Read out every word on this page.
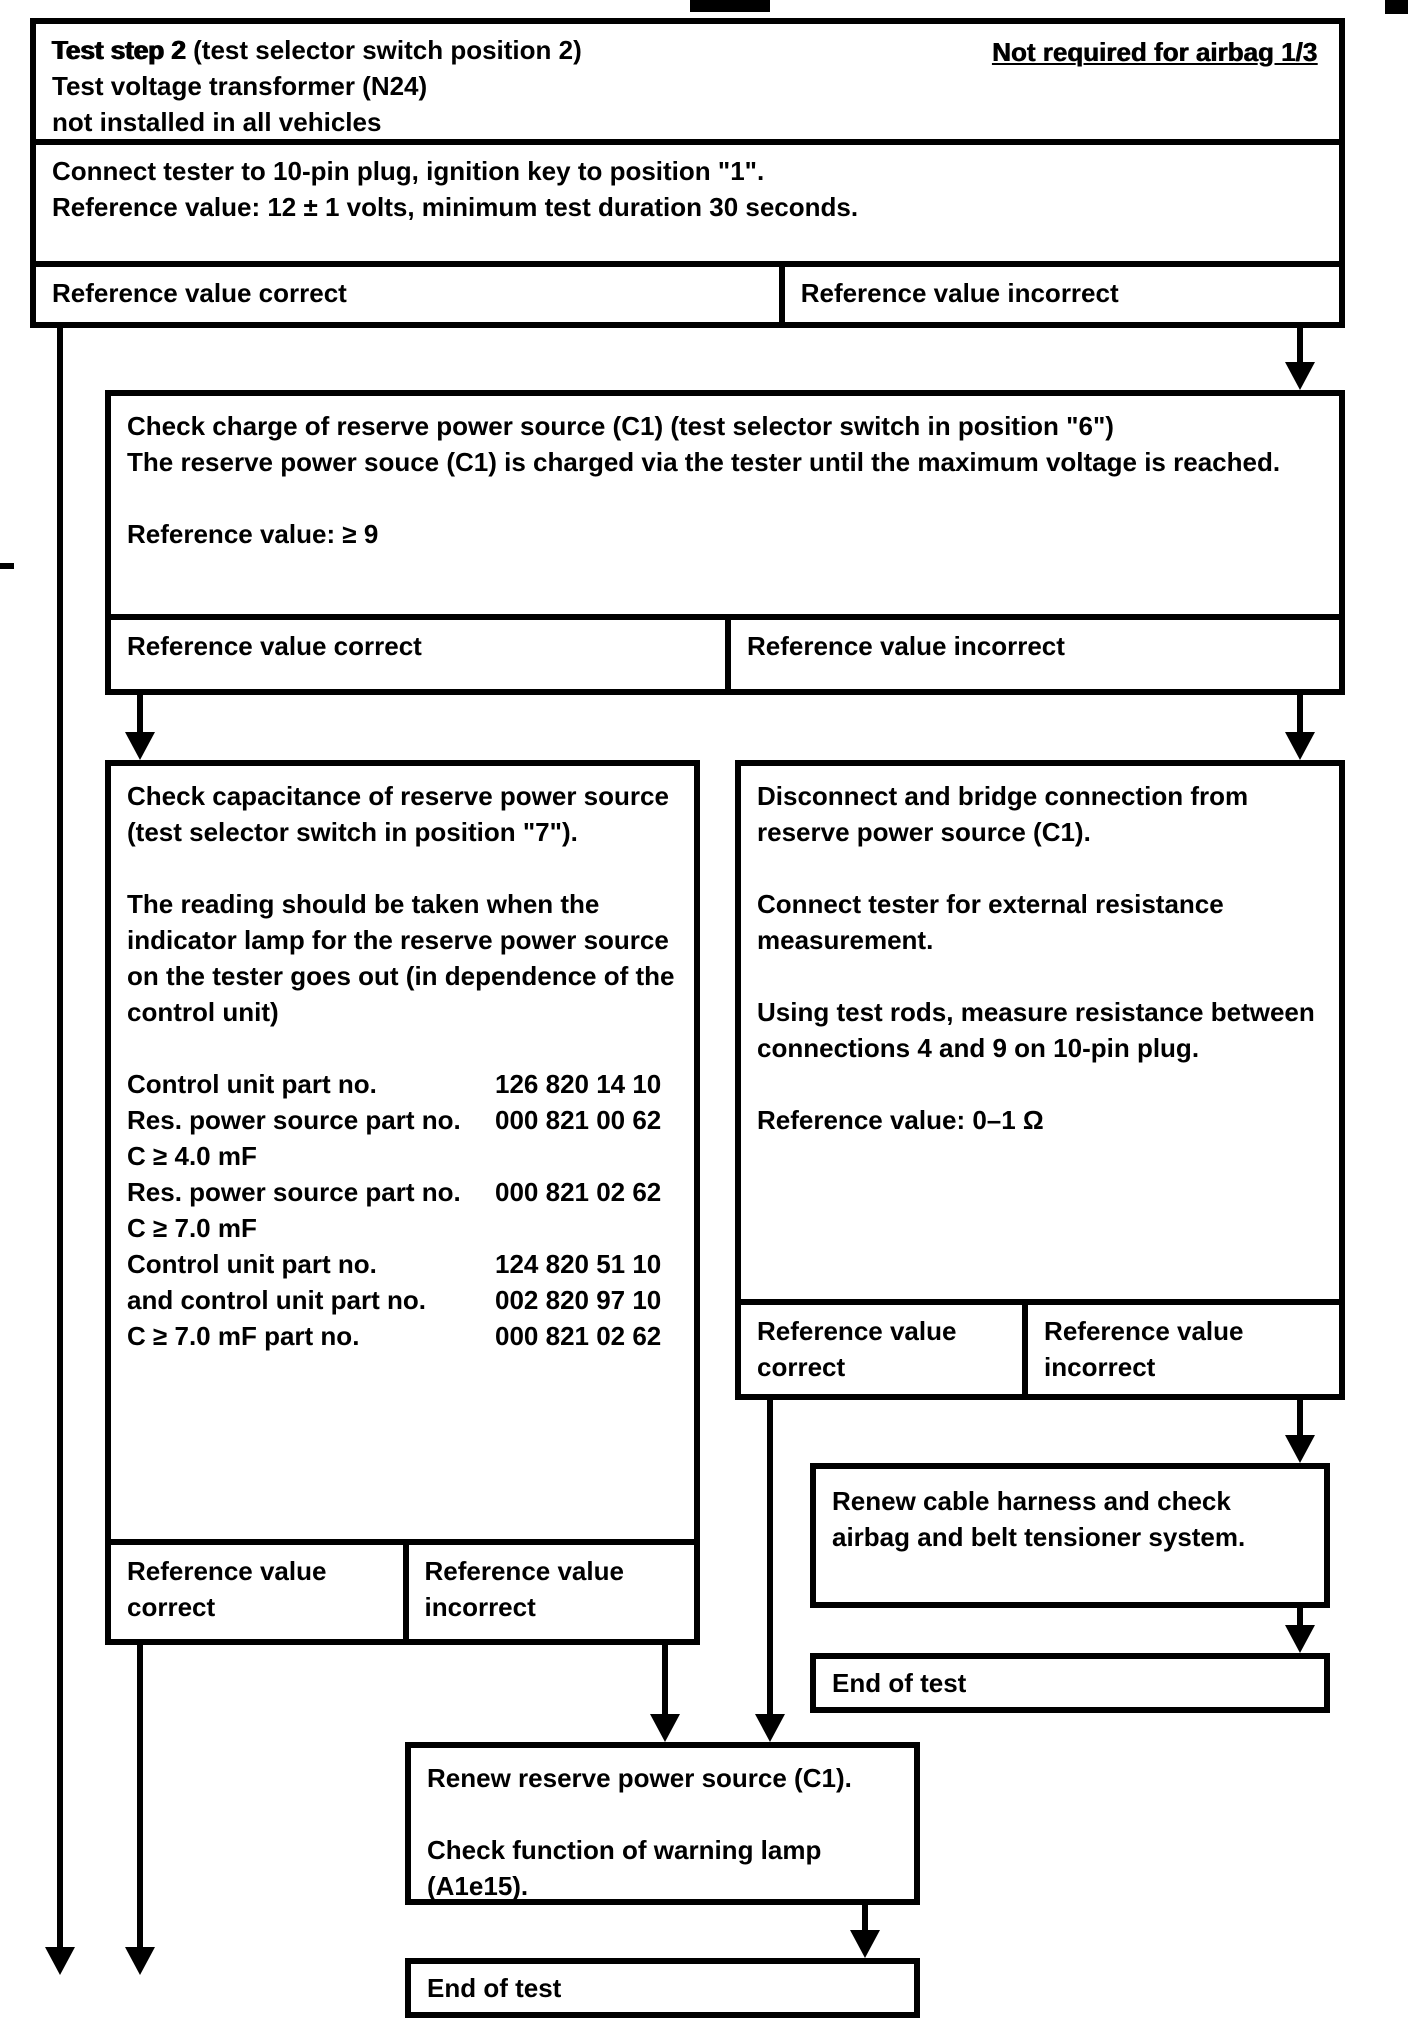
Test step 2 (test selector switch position 2)
Test voltage transformer (N24)
not installed in all vehicles
Not required for airbag 1/3
Connect tester to 10-pin plug, ignition key to position "1".
Reference value: 12 ± 1 volts, minimum test duration 30 seconds.
Reference value correct	Reference value incorrect
Check charge of reserve power source (C1) (test selector switch in position "6")
The reserve power souce (C1) is charged via the tester until the maximum voltage is reached.
Reference value: ≥ 9
Reference value correct	Reference value incorrect
Check capacitance of reserve power source (test selector switch in position "7").
The reading should be taken when the indicator lamp for the reserve power source on the tester goes out (in dependence of the control unit)
Control unit part no.	126 820 14 10
Res. power source part no.	000 821 00 62
C ≥ 4.0 mF
Res. power source part no.	000 821 02 62
C ≥ 7.0 mF
Control unit part no.	124 820 51 10
and control unit part no.	002 820 97 10
C ≥ 7.0 mF part no.	000 821 02 62
Reference value correct
Reference value incorrect
Disconnect and bridge connection from reserve power source (C1).
Connect tester for external resistance measurement.
Using test rods, measure resistance between connections 4 and 9 on 10-pin plug.
Reference value: 0–1 Ω
Reference value correct
Reference value incorrect
Renew cable harness and check airbag and belt tensioner system.
End of test
Renew reserve power source (C1).
Check function of warning lamp (A1e15).
End of test
